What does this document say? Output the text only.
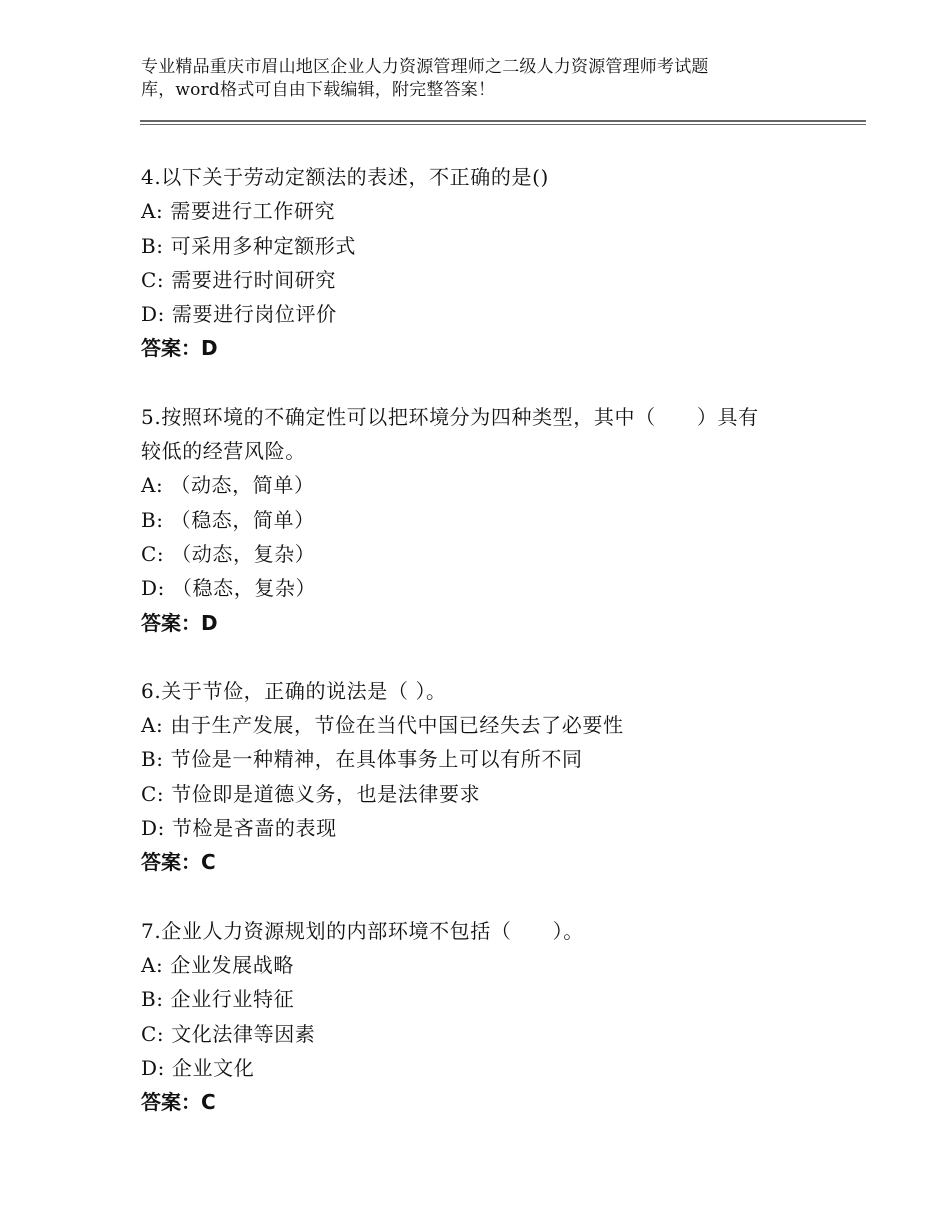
专业精品重庆市眉山地区企业人力资源管理师之二级人力资源管理师考试题
库，word格式可自由下载编辑，附完整答案！
4.以下关于劳动定额法的表述，不正确的是()
A: 需要进行工作研究
B: 可采用多种定额形式
C: 需要进行时间研究
D: 需要进行岗位评价
答案：D
5.按照环境的不确定性可以把环境分为四种类型，其中（　　）具有
较低的经营风险。
A: （动态，简单）
B: （稳态，简单）
C: （动态，复杂）
D: （稳态，复杂）
答案：D
6.关于节俭，正确的说法是（ ）。
A: 由于生产发展，节俭在当代中国已经失去了必要性
B: 节俭是一种精神，在具体事务上可以有所不同
C: 节俭即是道德义务，也是法律要求
D: 节检是吝啬的表现
答案：C
7.企业人力资源规划的内部环境不包括（　　）。
A: 企业发展战略
B: 企业行业特征
C: 文化法律等因素
D: 企业文化
答案：C
